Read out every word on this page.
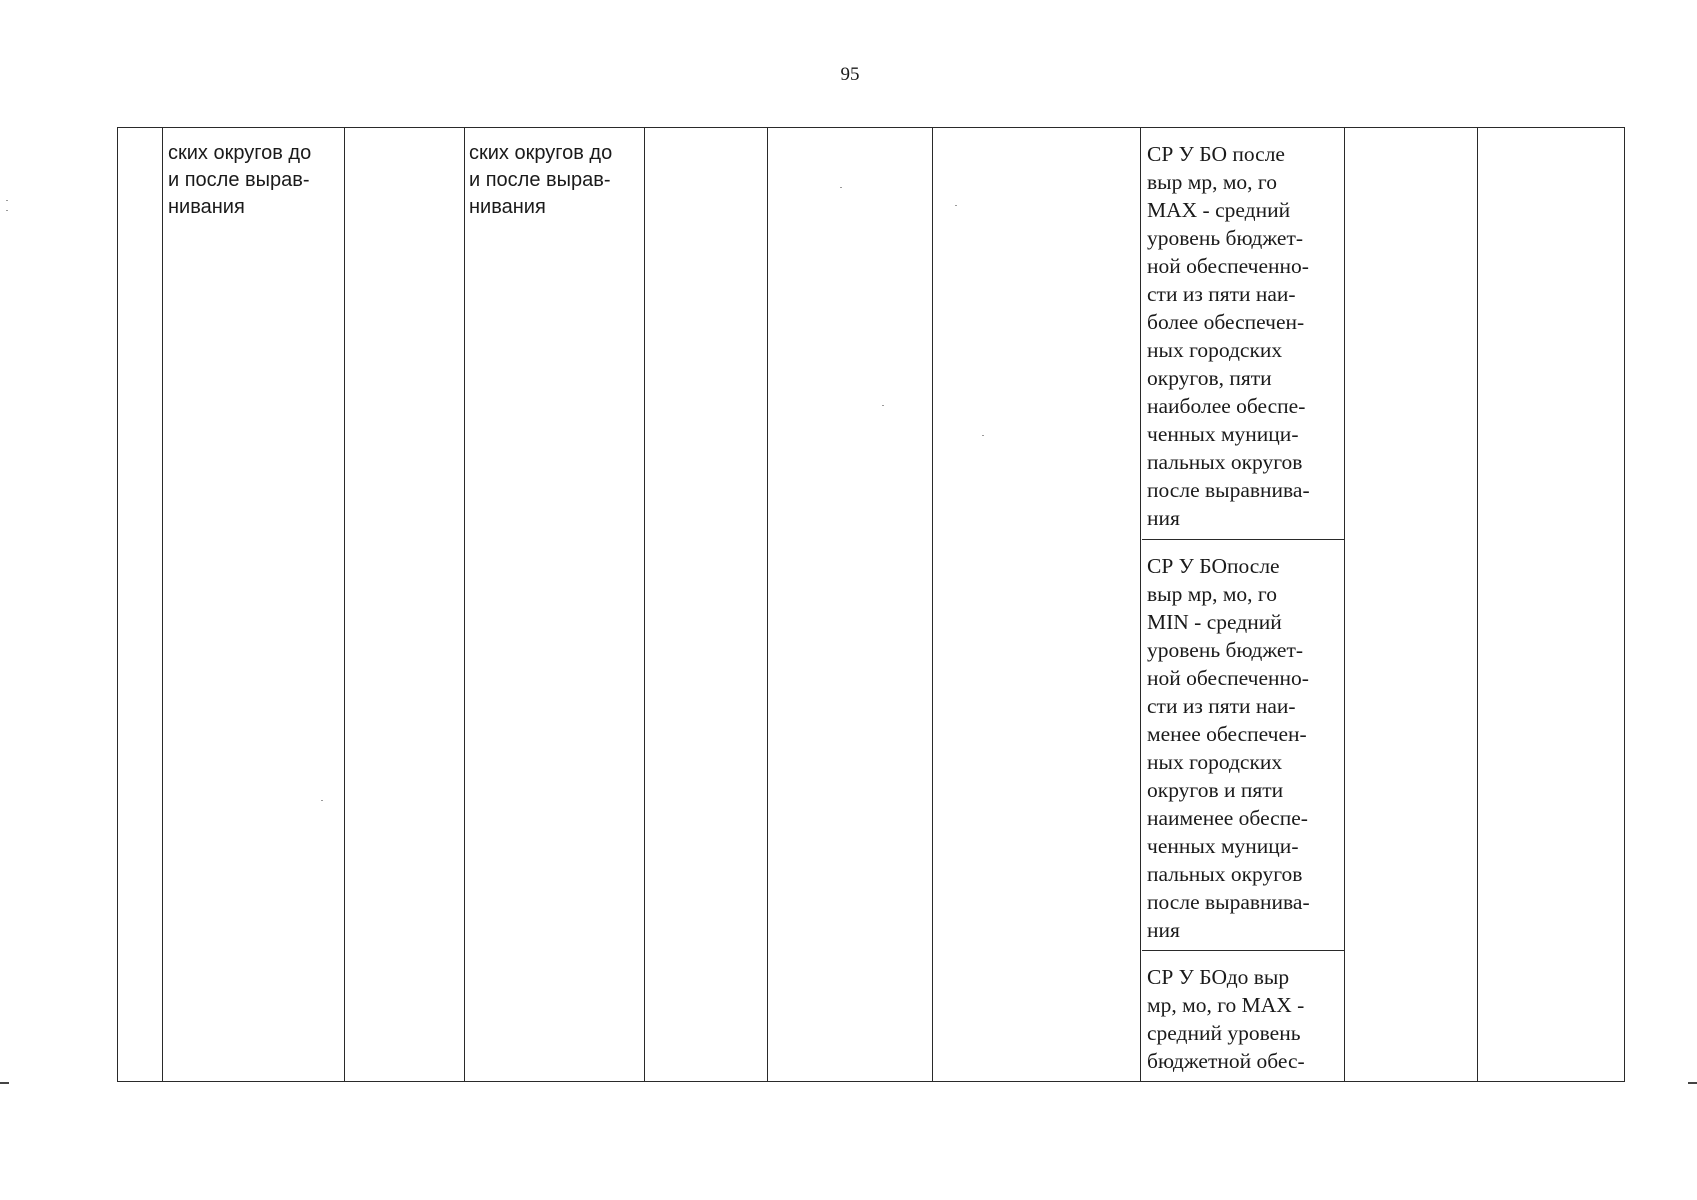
95

ских округов до
и после вырав-
нивания

ских округов до
и после вырав-
нивания

СР У БО после
выр мр, мо, го
МАХ - средний
уровень бюджет-
ной обеспеченно-
сти из пяти наи-
более обеспечен-
ных городских
округов, пяти
наиболее обеспе-
ченных муници-
пальных округов
после выравнива-
ния
СР У БОпосле
выр мр, мо, го
MIN - средний
уровень бюджет-
ной обеспеченно-
сти из пяти наи-
менее обеспечен-
ных городских
округов и пяти
наименее обеспе-
ченных муници-
пальных округов
после выравнива-
ния
СР У БОдо выр
мр, мо, го МАХ -
средний уровень
бюджетной обес-
